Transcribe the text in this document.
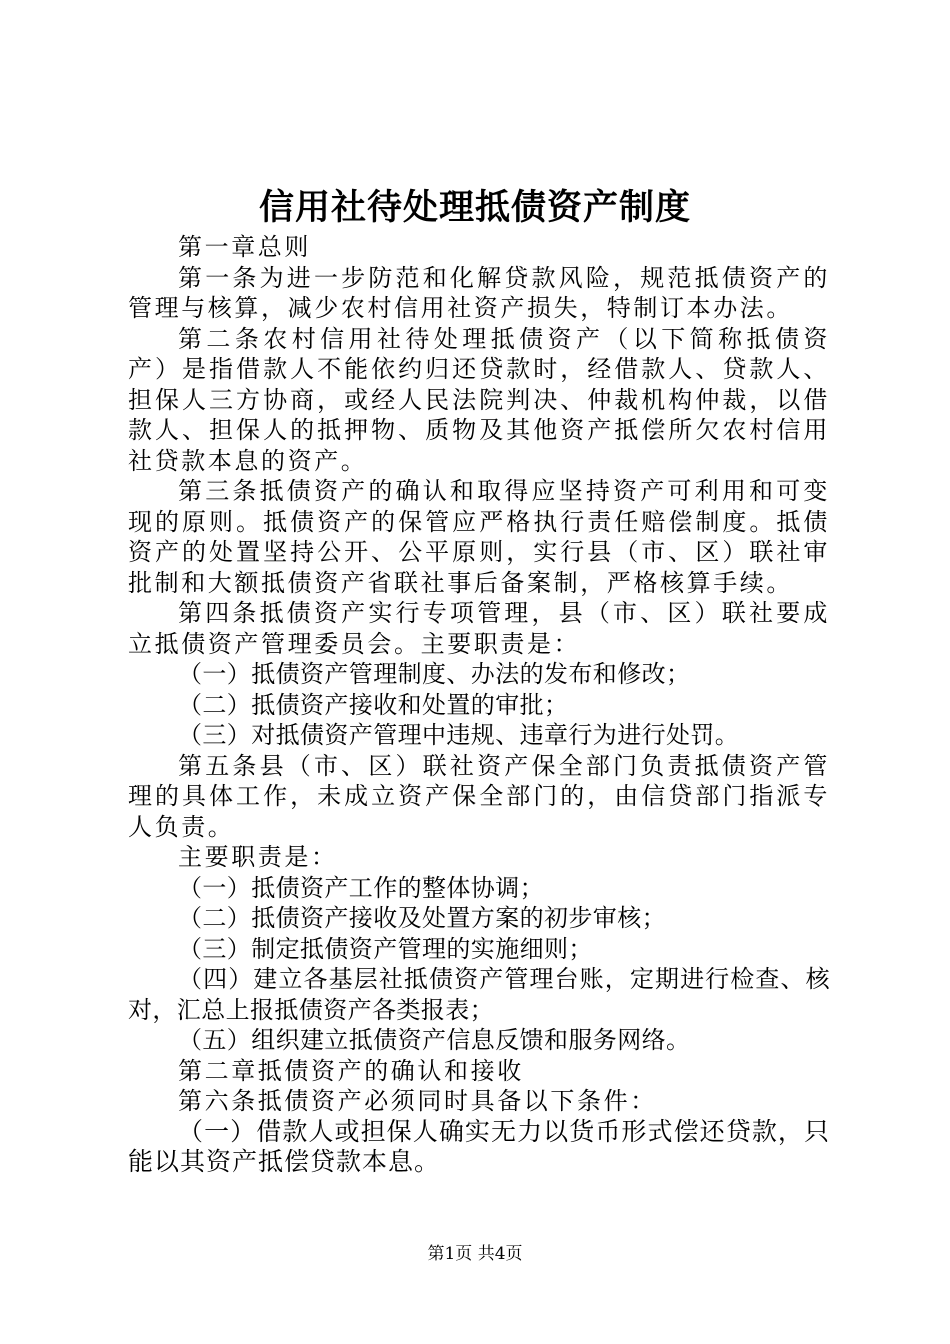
信用社待处理抵债资产制度

第一章总则

第一条为进一步防范和化解贷款风险，规范抵债资产的管理与核算，减少农村信用社资产损失，特制订本办法。

第二条农村信用社待处理抵债资产（以下简称抵债资产）是指借款人不能依约归还贷款时，经借款人、贷款人、担保人三方协商，或经人民法院判决、仲裁机构仲裁，以借款人、担保人的抵押物、质物及其他资产抵偿所欠农村信用社贷款本息的资产。

第三条抵债资产的确认和取得应坚持资产可利用和可变现的原则。抵债资产的保管应严格执行责任赔偿制度。抵债资产的处置坚持公开、公平原则，实行县（市、区）联社审批制和大额抵债资产省联社事后备案制，严格核算手续。

第四条抵债资产实行专项管理，县（市、区）联社要成立抵债资产管理委员会。主要职责是：

（一）抵债资产管理制度、办法的发布和修改；

（二）抵债资产接收和处置的审批；

（三）对抵债资产管理中违规、违章行为进行处罚。

第五条县（市、区）联社资产保全部门负责抵债资产管理的具体工作，未成立资产保全部门的，由信贷部门指派专人负责。

主要职责是：

（一）抵债资产工作的整体协调；

（二）抵债资产接收及处置方案的初步审核；

（三）制定抵债资产管理的实施细则；

（四）建立各基层社抵债资产管理台账，定期进行检查、核对，汇总上报抵债资产各类报表；

（五）组织建立抵债资产信息反馈和服务网络。

第二章抵债资产的确认和接收

第六条抵债资产必须同时具备以下条件：

（一）借款人或担保人确实无力以货币形式偿还贷款，只能以其资产抵偿贷款本息。

第1页 共4页
